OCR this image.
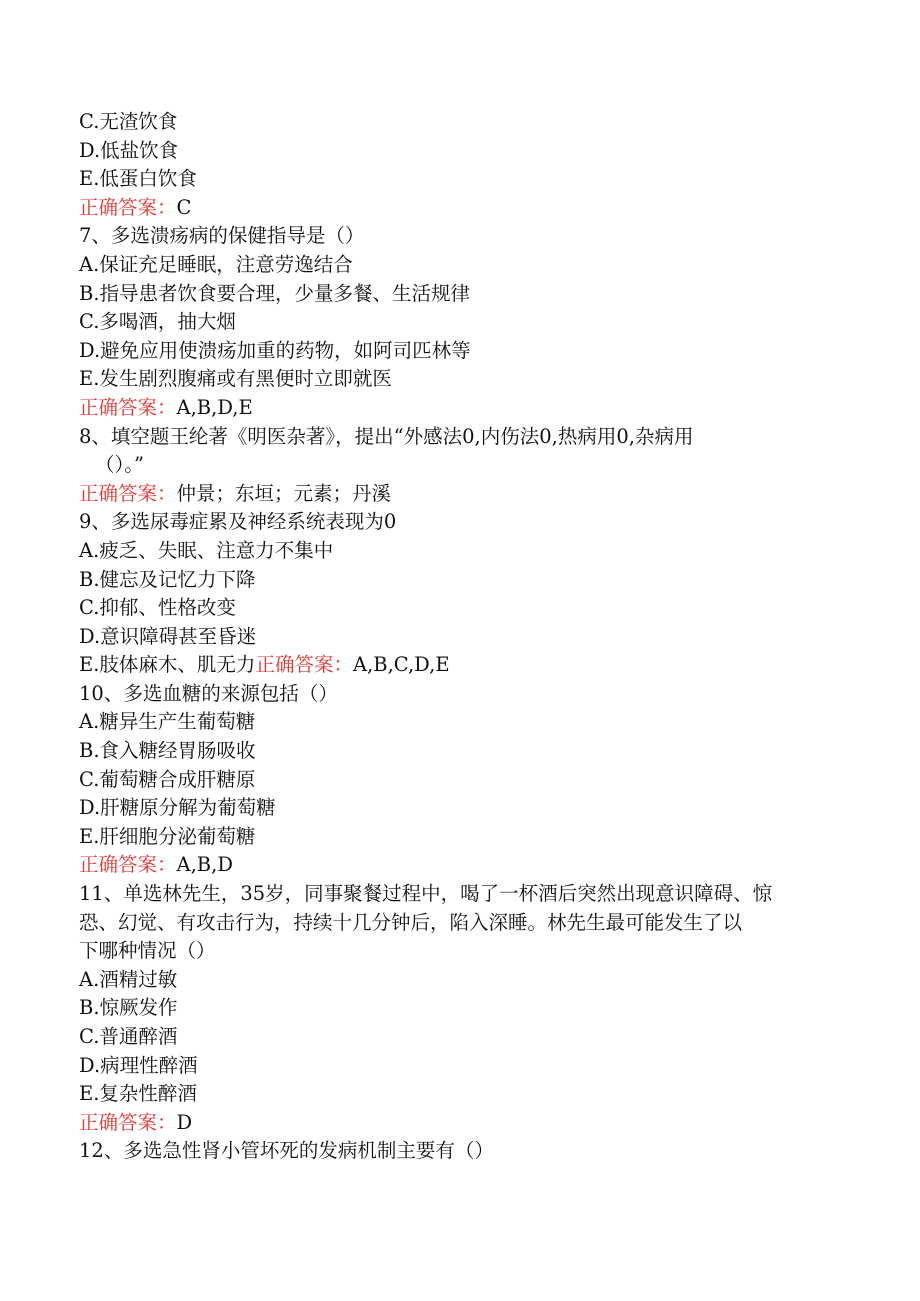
C.无渣饮食
D.低盐饮食
E.低蛋白饮食
正确答案：C
7、多选溃疡病的保健指导是（）
A.保证充足睡眠，注意劳逸结合
B.指导患者饮食要合理，少量多餐、生活规律
C.多喝酒，抽大烟
D.避免应用使溃疡加重的药物，如阿司匹林等
E.发生剧烈腹痛或有黑便时立即就医
正确答案：A,B,D,E
8、填空题王纶著《明医杂著》，提出“外感法0,内伤法0,热病用0,杂病用
（）。”
正确答案：仲景；东垣；元素；丹溪
9、多选尿毒症累及神经系统表现为0
A.疲乏、失眠、注意力不集中
B.健忘及记忆力下降
C.抑郁、性格改变
D.意识障碍甚至昏迷
E.肢体麻木、肌无力正确答案：A,B,C,D,E
10、多选血糖的来源包括（）
A.糖异生产生葡萄糖
B.食入糖经胃肠吸收
C.葡萄糖合成肝糖原
D.肝糖原分解为葡萄糖
E.肝细胞分泌葡萄糖
正确答案：A,B,D
11、单选林先生，35岁，同事聚餐过程中，喝了一杯酒后突然出现意识障碍、惊
恐、幻觉、有攻击行为，持续十几分钟后，陷入深睡。林先生最可能发生了以
下哪种情况（）
A.酒精过敏
B.惊厥发作
C.普通醉酒
D.病理性醉酒
E.复杂性醉酒
正确答案：D
12、多选急性肾小管坏死的发病机制主要有（）
